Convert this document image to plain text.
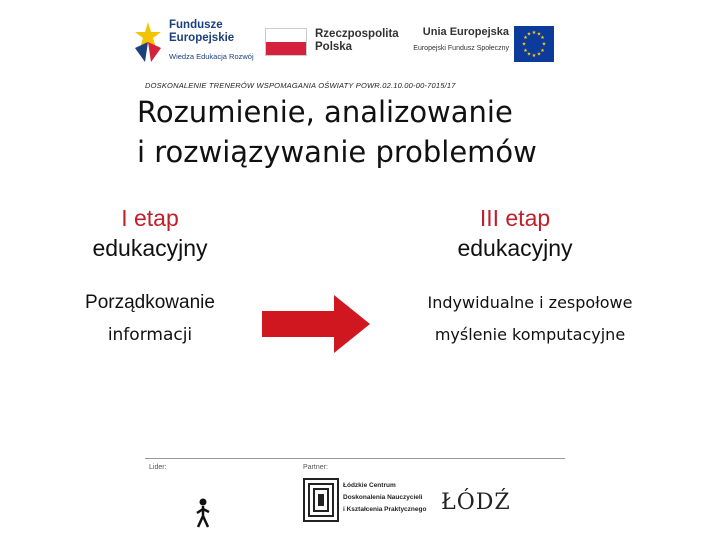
Fundusze
Europejskie
Wiedza Edukacja Rozwój
Rzeczpospolita
Polska
Unia Europejska
Europejski Fundusz Społeczny
★ ★
★
★
★
★
★
★
★
★
★
★
DOSKONALENIE TRENERÓW WSPOMAGANIA OŚWIATY POWR.02.10.00-00-7015/17
Rozumienie, analizowanie
i rozwiązywanie problemów
I etap
edukacyjny
III etap
edukacyjny
Porządkowanie
informacji
Indywidualne i zespołowe
myślenie komputacyjne
Lider:	Partner:
Łódzkie Centrum
Doskonalenia Nauczycieli
i Kształcenia Praktycznego ŁÓDŹ
